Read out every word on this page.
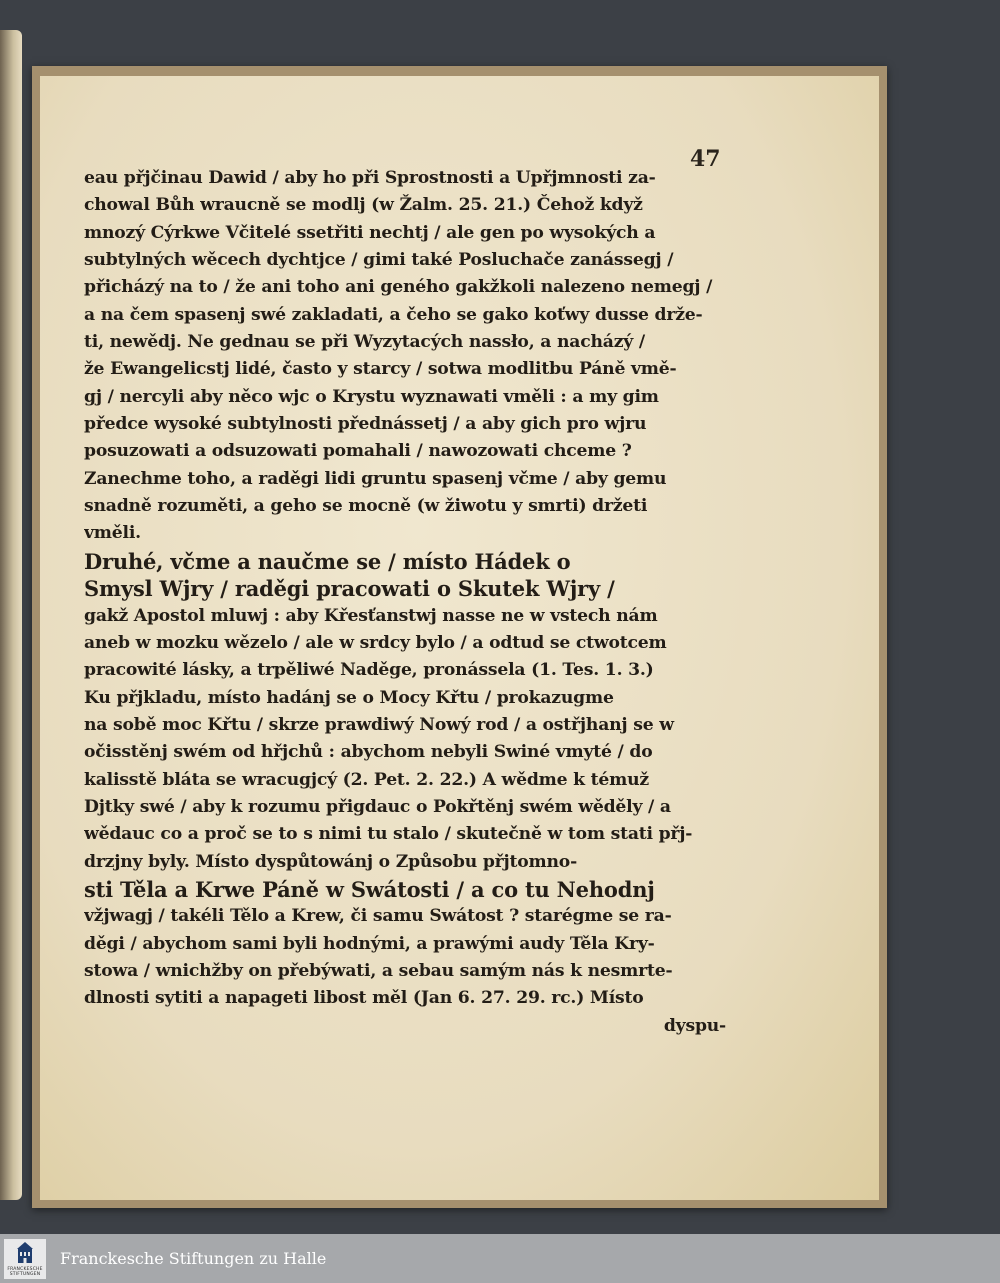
47
eau přjčinau Dawid / aby ho při Sprostnosti a Upřjmnosti za-
chowal Bůh wraucně se modlj (w Žalm. 25. 21.) Čehož když
mnozý Cýrkwe Včitelé ssetřiti nechtj / ale gen po wysokých a
subtylných wěcech dychtjce / gimi také Posluchače zanássegj /
přicházý na to / že ani toho ani geného gakžkoli nalezeno nemegj /
a na čem spasenj swé zakladati, a čeho se gako koťwy dusse drže-
ti, newědj. Ne gednau se při Wyzytacých nassło, a nacházý /
že Ewangelicstj lidé, často y starcy / sotwa modlitbu Páně vmě-
gj / nercyli aby něco wjc o Krystu wyznawati vměli : a my gim
předce wysoké subtylnosti přednássetj / a aby gich pro wjru
posuzowati a odsuzowati pomahali / nawozowati chceme ?
Zanechme toho, a raděgi lidi gruntu spasenj včme / aby gemu
snadně rozuměti, a geho se mocně (w žiwotu y smrti) držeti
vměli.
Druhé, včme a naučme se / místo Hádek o
Smysl Wjry / raděgi pracowati o Skutek Wjry /
gakž Apostol mluwj : aby Křesťanstwj nasse ne w vstech nám
aneb w mozku wězelo / ale w srdcy bylo / a odtud se ctwotcem
pracowité lásky, a trpěliwé Naděge, pronássela (1. Tes. 1. 3.)
Ku přjkladu, místo hadánj se o Mocy Křtu / prokazugme
na sobě moc Křtu / skrze prawdiwý Nowý rod / a ostřjhanj se w
očisstěnj swém od hřjchů : abychom nebyli Swiné vmyté / do
kalisstě bláta se wracugjcý (2. Pet. 2. 22.) A wědme k témuž
Djtky swé / aby k rozumu přigdauc o Pokřtěnj swém wěděly / a
wědauc co a proč se to s nimi tu stalo / skutečně w tom stati přj-
drzjny byly. Místo dyspůtowánj o Způsobu přjtomno-
sti Těla a Krwe Páně w Swátosti / a co tu Nehodnj
vžjwagj / takéli Tělo a Krew, či samu Swátost ? starégme se ra-
děgi / abychom sami byli hodnými, a prawými audy Těla Kry-
stowa / wnichžby on přebýwati, a sebau samým nás k nesmrte-
dlnosti sytiti a napageti libost měl (Jan 6. 27. 29. rc.) Místo
dyspu-
FRANCKESCHE STIFTUNGEN
Franckesche Stiftungen zu Halle
